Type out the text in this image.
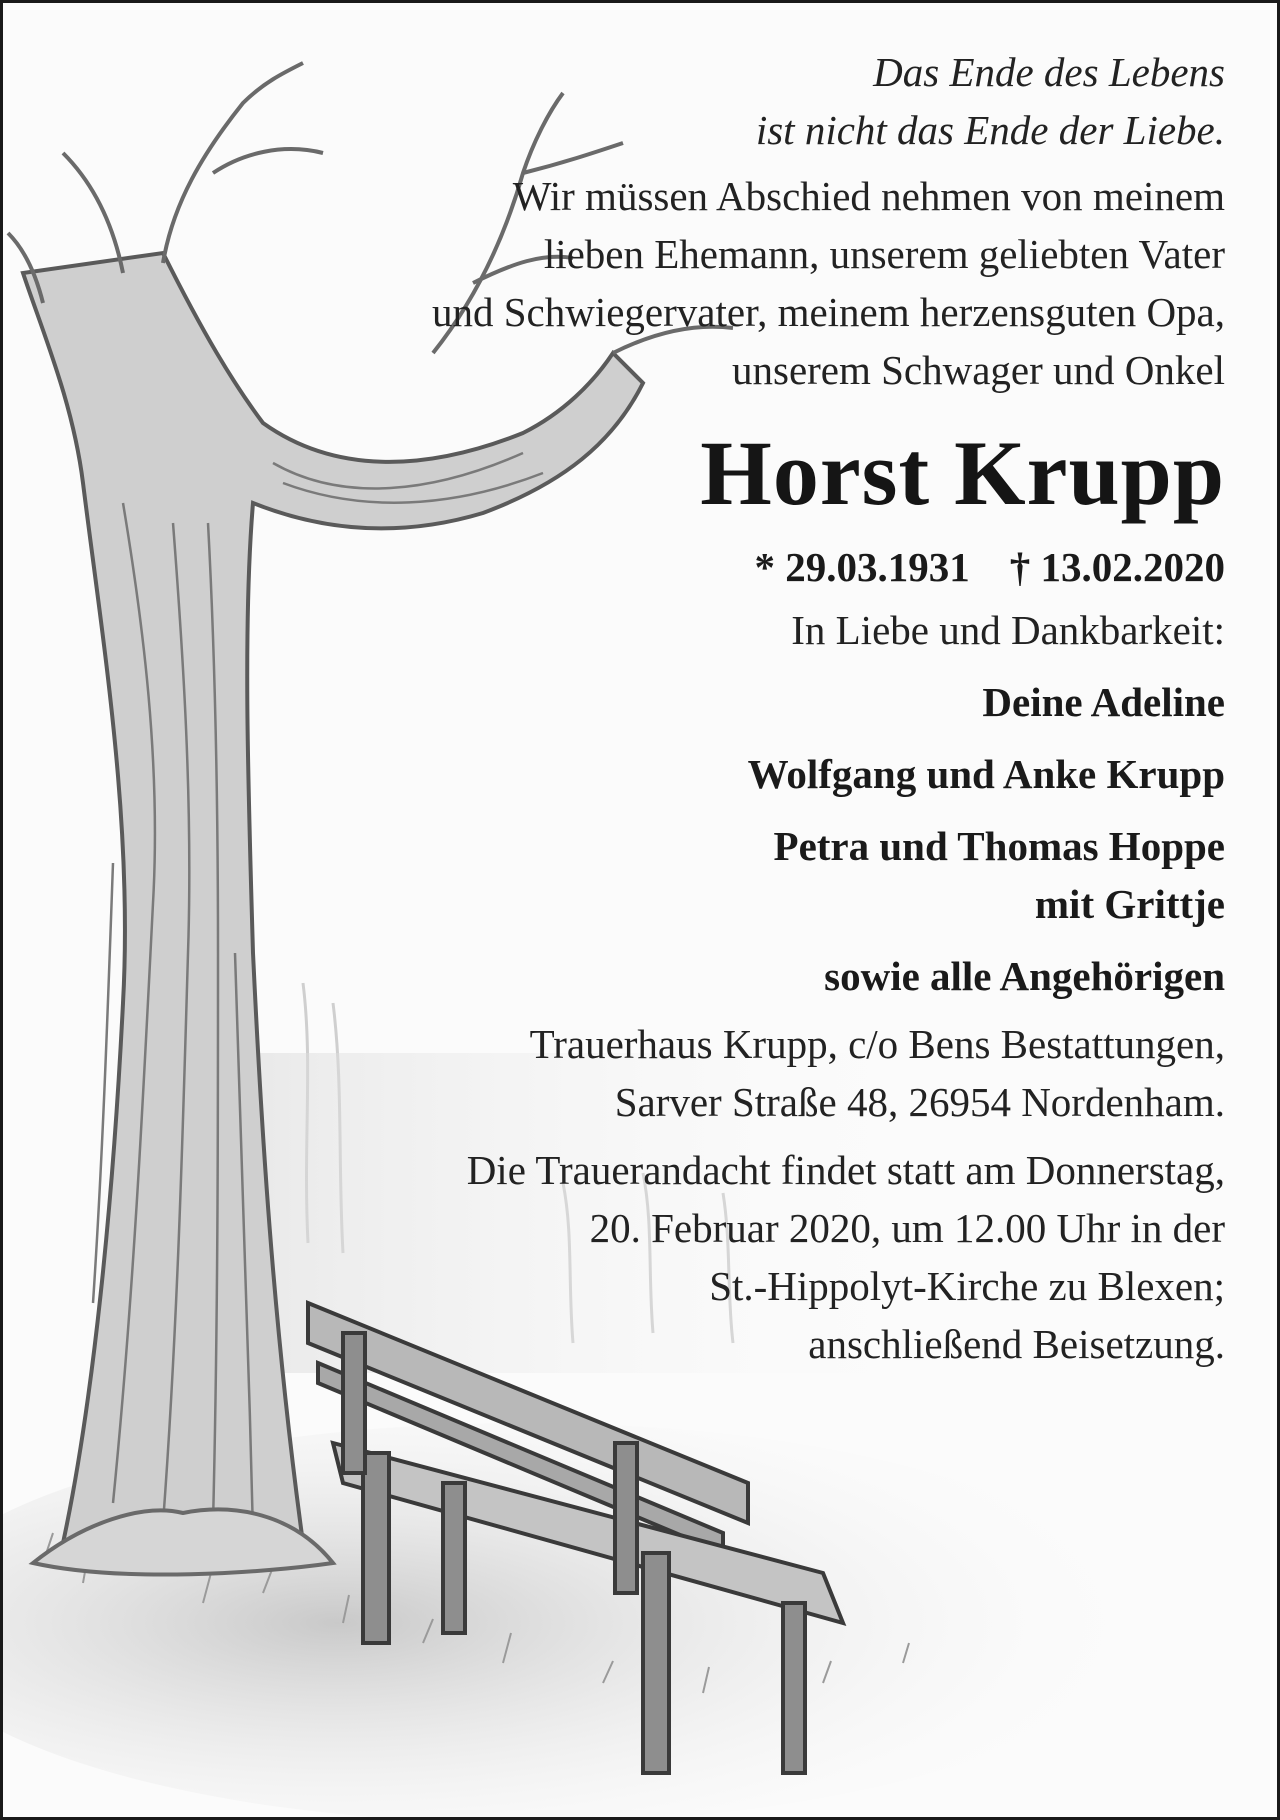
Das Ende des Lebens
ist nicht das Ende der Liebe.

Wir müssen Abschied nehmen von meinem
lieben Ehemann, unserem geliebten Vater
und Schwiegervater, meinem herzensguten Opa,
unserem Schwager und Onkel

Horst Krupp

* 29.03.1931 † 13.02.2020

In Liebe und Dankbarkeit:

Deine Adeline

Wolfgang und Anke Krupp

Petra und Thomas Hoppe

mit Grittje

sowie alle Angehörigen

Trauerhaus Krupp, c/o Bens Bestattungen,
Sarver Straße 48, 26954 Nordenham.

Die Trauerandacht findet statt am Donnerstag,
20. Februar 2020, um 12.00 Uhr in der
St.-Hippolyt-Kirche zu Blexen;
anschließend Beisetzung.
